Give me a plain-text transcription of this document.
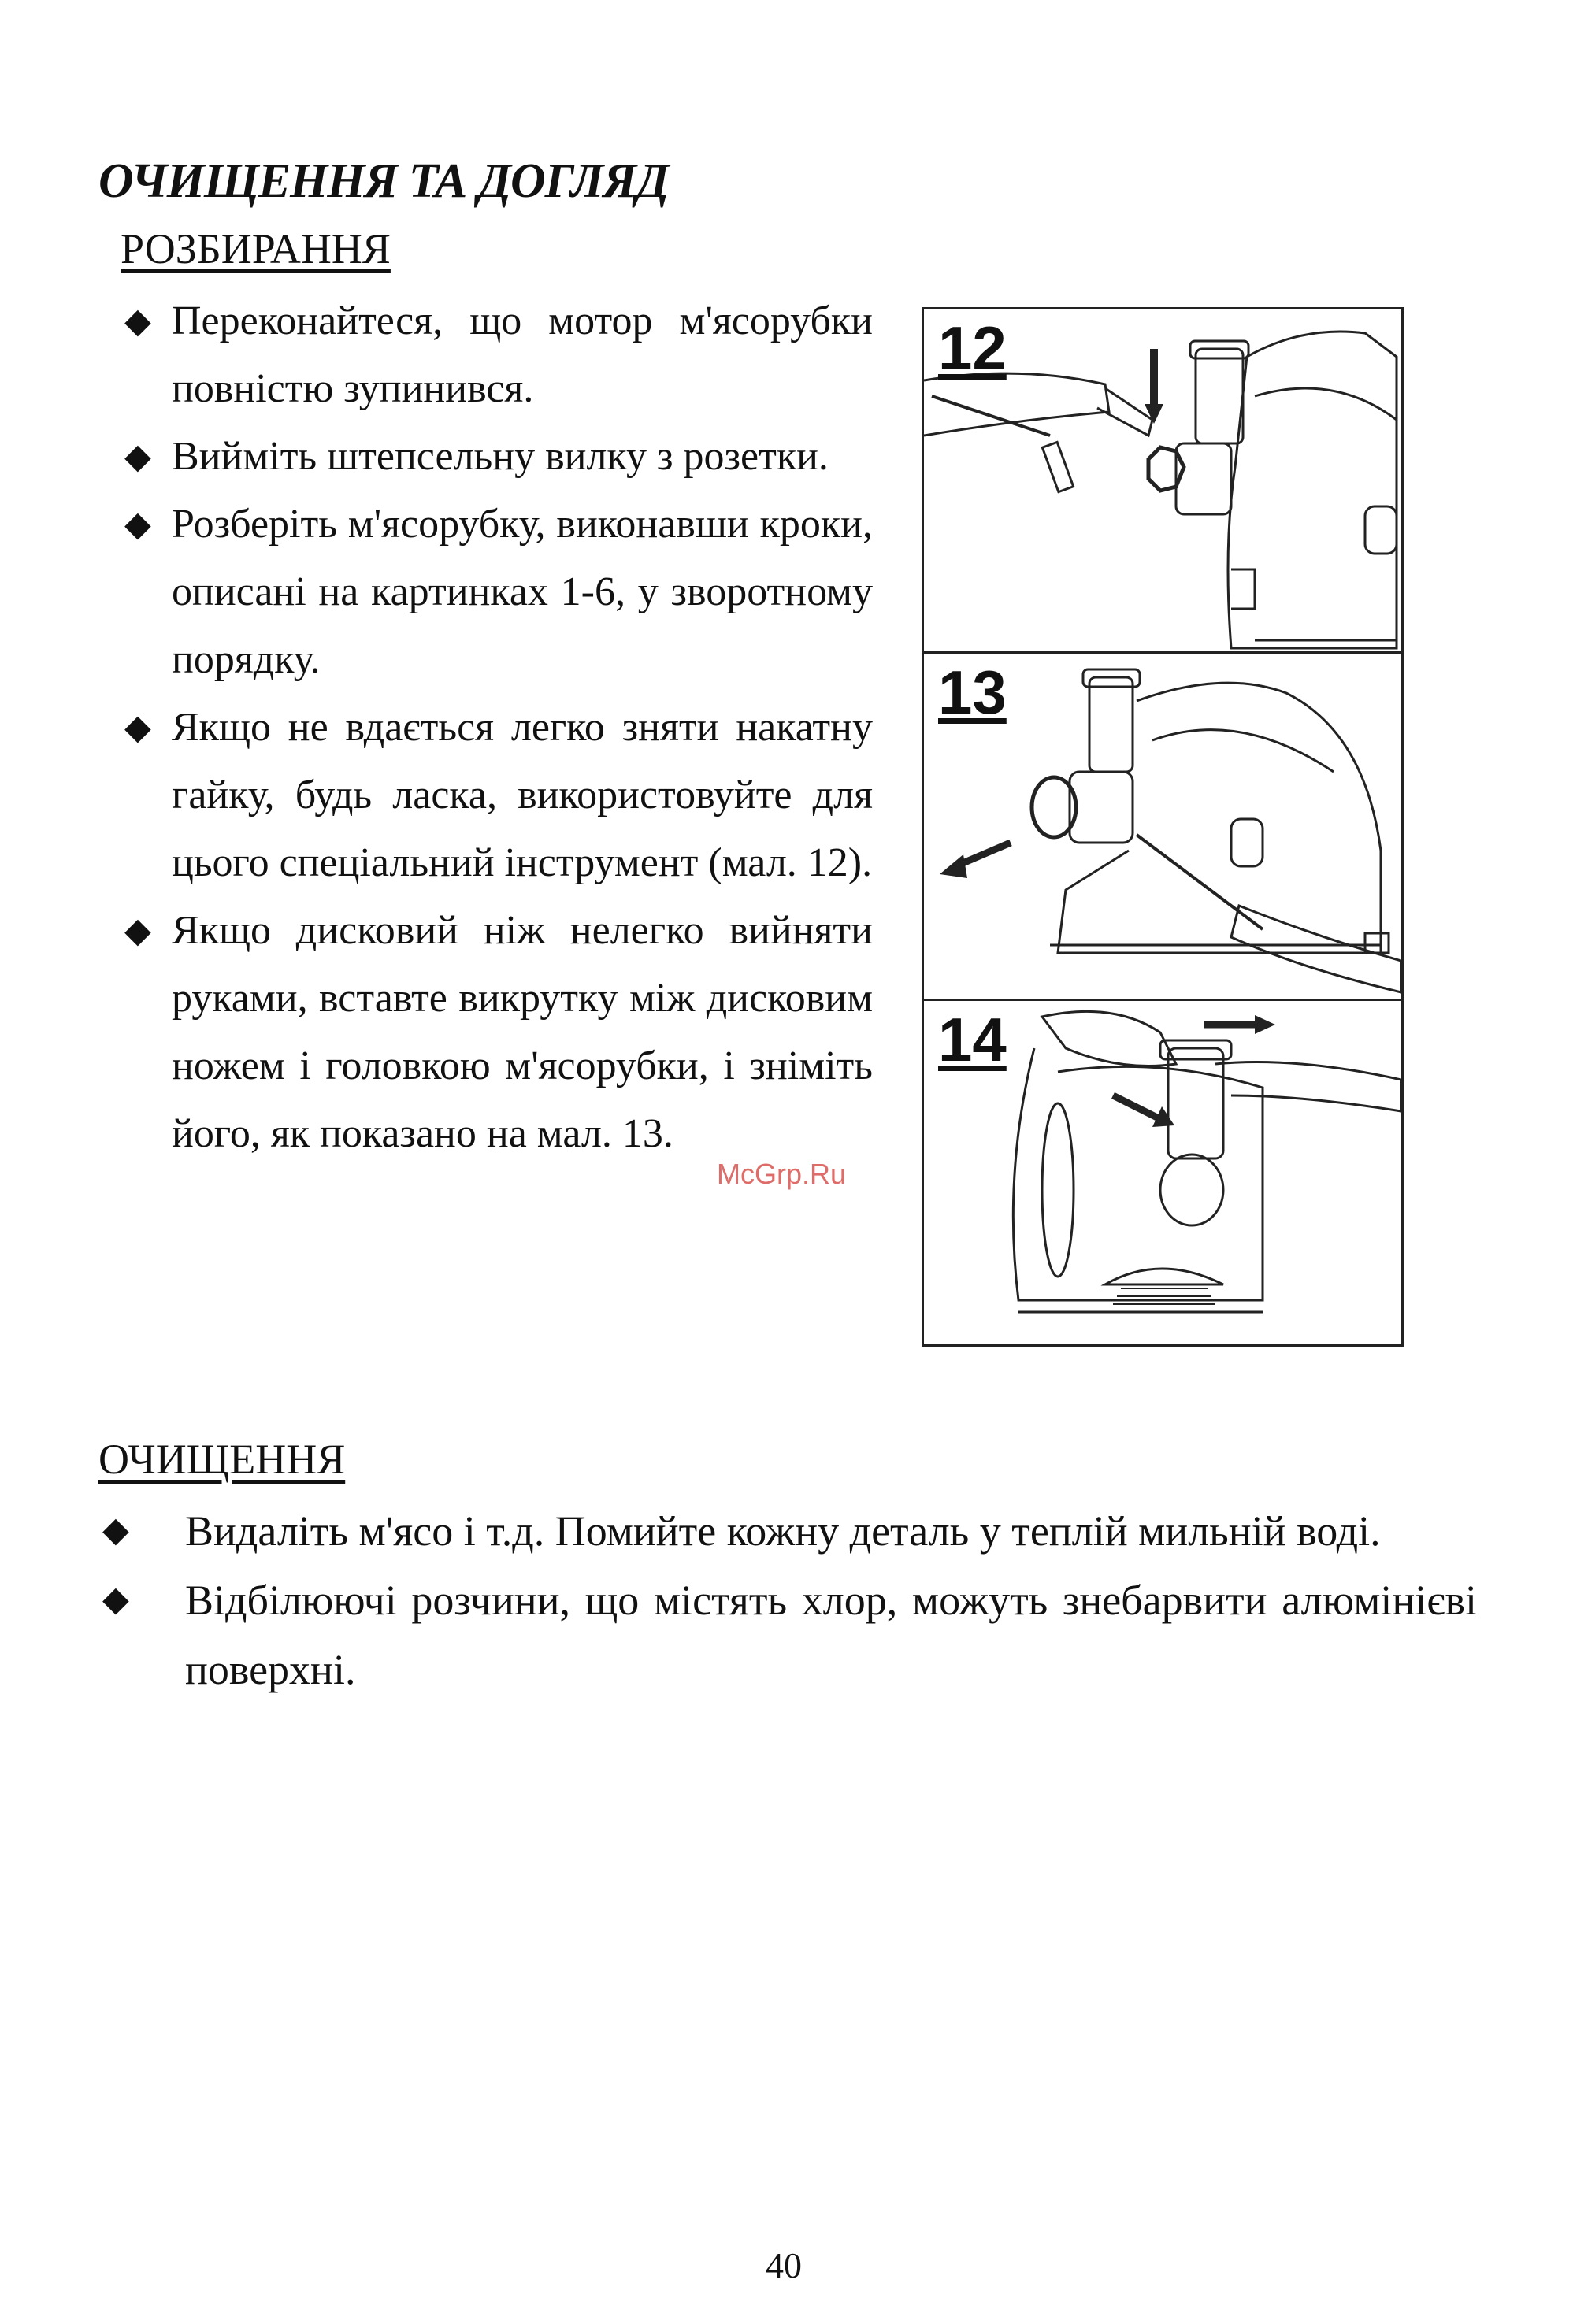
ОЧИЩЕННЯ ТА ДОГЛЯД
РОЗБИРАННЯ
◆ Переконайтеся, що мотор м'ясорубки повністю зупинився.
◆ Вийміть штепсельну вилку з розетки.
◆ Розберіть м'ясорубку, виконавши кроки, описані на картинках 1-6, у зворотному порядку.
◆ Якщо не вдається легко зняти накатну гайку, будь ласка, використовуйте для цього спеціальний інструмент (мал. 12).
◆ Якщо дисковий ніж нелегко вийняти руками, вставте викрутку між дисковим ножем і головкою м'ясорубки, і зніміть його, як показано на мал. 13.
12
13
14
McGrp.Ru
ОЧИЩЕННЯ
◆ Видаліть м'ясо і т.д. Помийте кожну деталь у теплій мильній воді.
◆ Відбілюючі розчини, що містять хлор, можуть знебарвити алюмінієві поверхні.
40
